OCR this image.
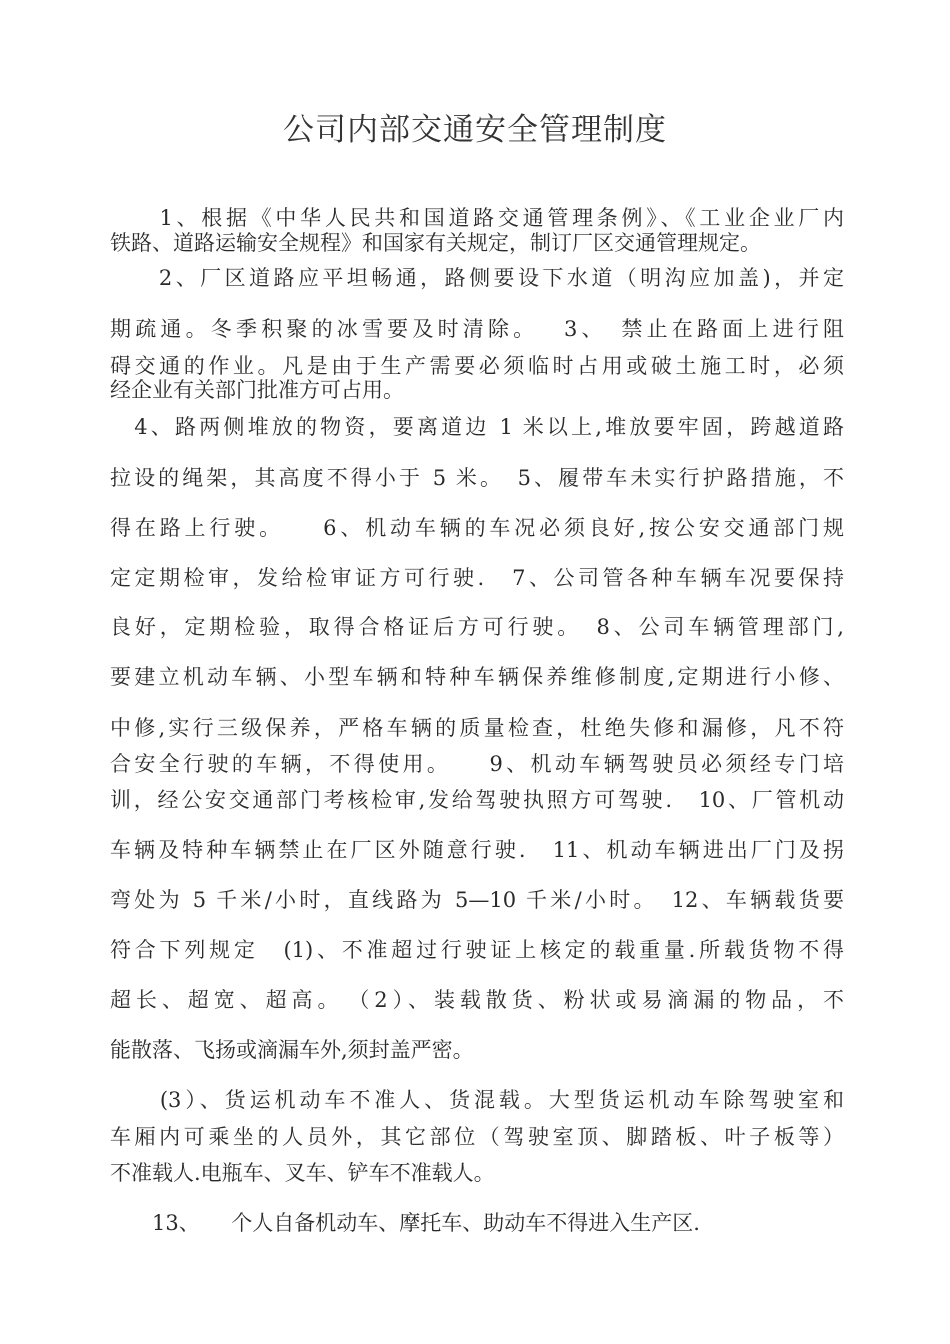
公司内部交通安全管理制度
　　1、根据《中华人民共和国道路交通管理条例》、《工业企业厂内
铁路、道路运输安全规程》和国家有关规定，制订厂区交通管理规定。
　　2、厂区道路应平坦畅通，路侧要设下水道（明沟应加盖)，并定
期疏通。冬季积聚的冰雪要及时清除。　 3、　禁止在路面上进行阻
碍交通的作业。凡是由于生产需要必须临时占用或破土施工时，必须
经企业有关部门批准方可占用。
　4、路两侧堆放的物资，要离道边 1 米以上,堆放要牢固，跨越道路
拉设的绳架，其高度不得小于 5 米。　5、履带车未实行护路措施，不
得在路上行驶。　　6、机动车辆的车况必须良好,按公安交通部门规
定定期检审，发给检审证方可行驶.　7、公司管各种车辆车况要保持
良好，定期检验，取得合格证后方可行驶。　8、公司车辆管理部门,
要建立机动车辆、小型车辆和特种车辆保养维修制度,定期进行小修、
中修,实行三级保养，严格车辆的质量检查，杜绝失修和漏修，凡不符
合安全行驶的车辆，不得使用。　　9、机动车辆驾驶员必须经专门培
训，经公安交通部门考核检审,发给驾驶执照方可驾驶.　10、厂管机动
车辆及特种车辆禁止在厂区外随意行驶.　11、机动车辆进出厂门及拐
弯处为 5 千米/小时，直线路为 5—10 千米/小时。　12、车辆载货要
符合下列规定　(1)、不准超过行驶证上核定的载重量.所载货物不得
超长、超宽、超高。　（2）、装载散货、粉状或易滴漏的物品，不
能散落、飞扬或滴漏车外,须封盖严密。
　　(3）、货运机动车不准人、货混载。大型货运机动车除驾驶室和
车厢内可乘坐的人员外，其它部位（驾驶室顶、脚踏板、叶子板等）
不准载人.电瓶车、叉车、铲车不准载人。
　　13、　　个人自备机动车、摩托车、助动车不得进入生产区.
